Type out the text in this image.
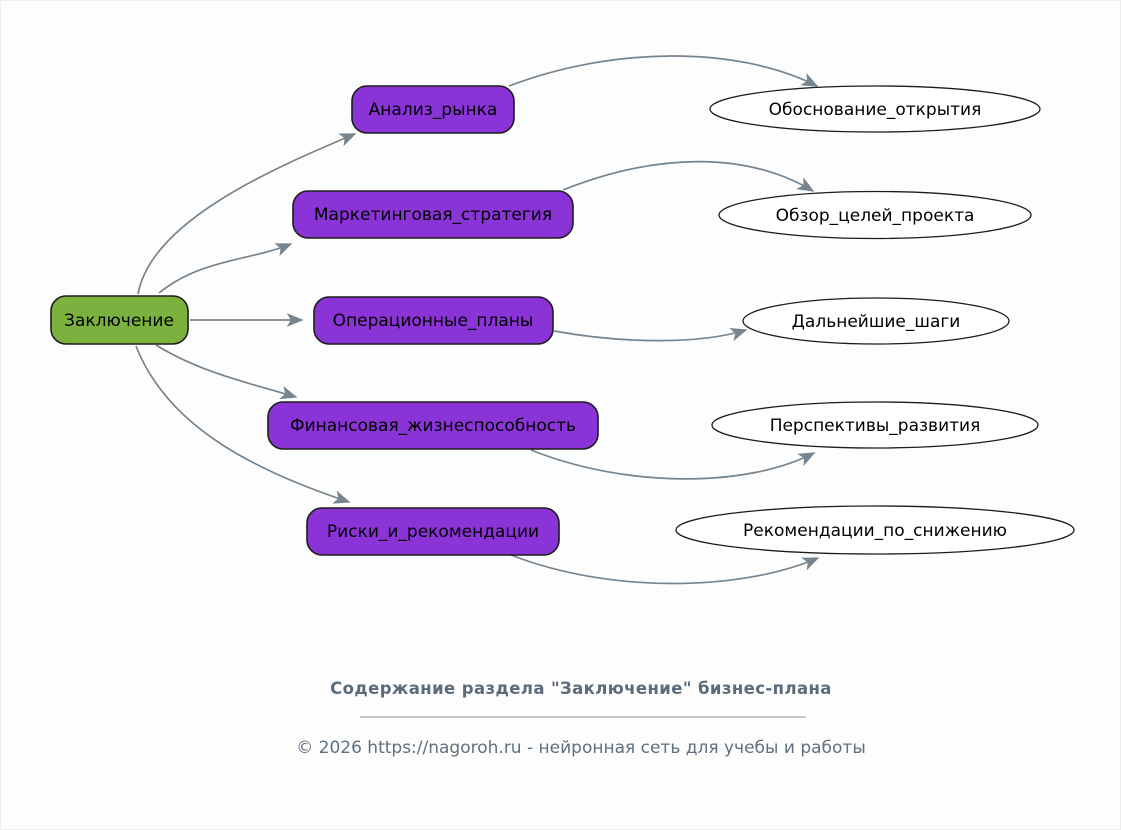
Заключение
Анализ_рынка
Маркетинговая_стратегия
Операционные_планы
Финансовая_жизнеспособность
Риски_и_рекомендации
Обоснование_открытия
Обзор_целей_проекта
Дальнейшие_шаги
Перспективы_развития
Рекомендации_по_снижению
Содержание раздела "Заключение" бизнес-плана
© 2026 https://nagoroh.ru - нейронная сеть для учебы и работы
